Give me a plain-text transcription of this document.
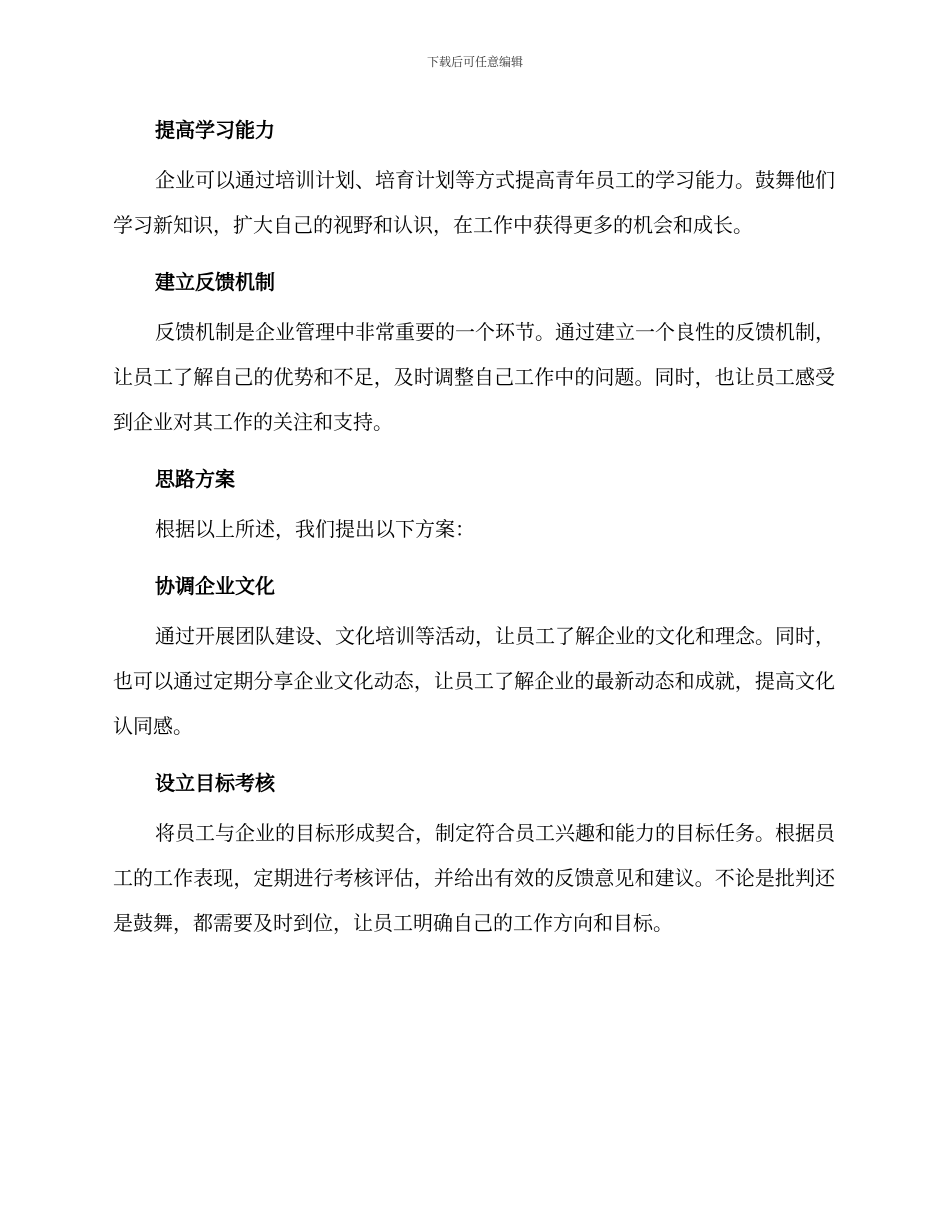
下载后可任意编辑
提高学习能力

企业可以通过培训计划、培育计划等方式提高青年员工的学习能力。鼓舞他们学习新知识，扩大自己的视野和认识，在工作中获得更多的机会和成长。

建立反馈机制

反馈机制是企业管理中非常重要的一个环节。通过建立一个良性的反馈机制，让员工了解自己的优势和不足，及时调整自己工作中的问题。同时，也让员工感受到企业对其工作的关注和支持。

思路方案

根据以上所述，我们提出以下方案：

协调企业文化

通过开展团队建设、文化培训等活动，让员工了解企业的文化和理念。同时，也可以通过定期分享企业文化动态，让员工了解企业的最新动态和成就，提高文化认同感。

设立目标考核

将员工与企业的目标形成契合，制定符合员工兴趣和能力的目标任务。根据员工的工作表现，定期进行考核评估，并给出有效的反馈意见和建议。不论是批判还是鼓舞，都需要及时到位，让员工明确自己的工作方向和目标。
